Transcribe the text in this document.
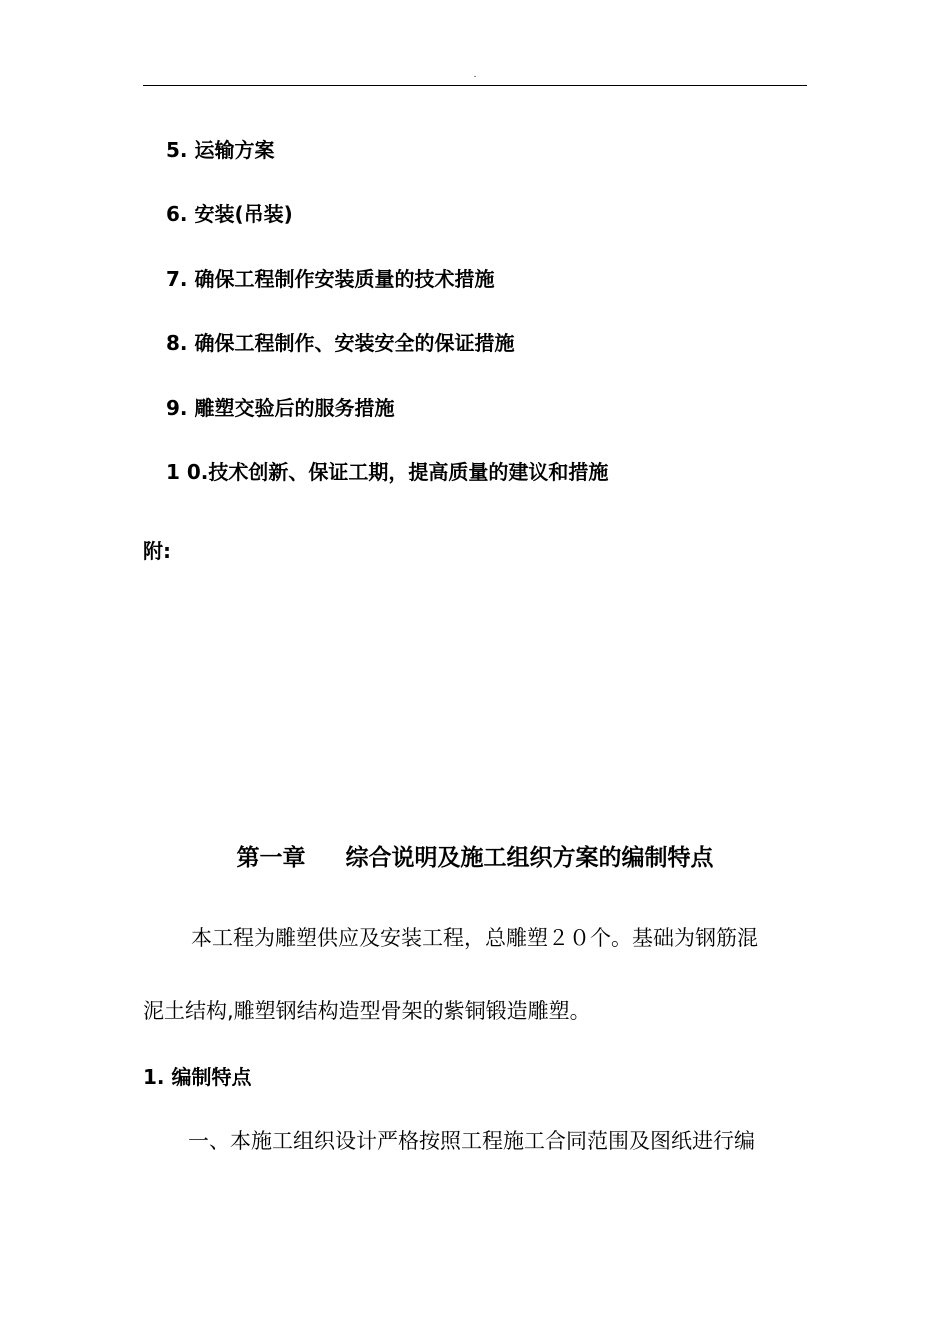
.
5. 运输方案
6. 安装(吊装)
7. 确保工程制作安装质量的技术措施
8. 确保工程制作、安装安全的保证措施
9. 雕塑交验后的服务措施
1 0.技术创新、保证工期，提高质量的建议和措施
附:
第一章     综合说明及施工组织方案的编制特点
本工程为雕塑供应及安装工程，总雕塑２０个。基础为钢筋混
泥土结构,雕塑钢结构造型骨架的紫铜锻造雕塑。
1. 编制特点
一、本施工组织设计严格按照工程施工合同范围及图纸进行编
